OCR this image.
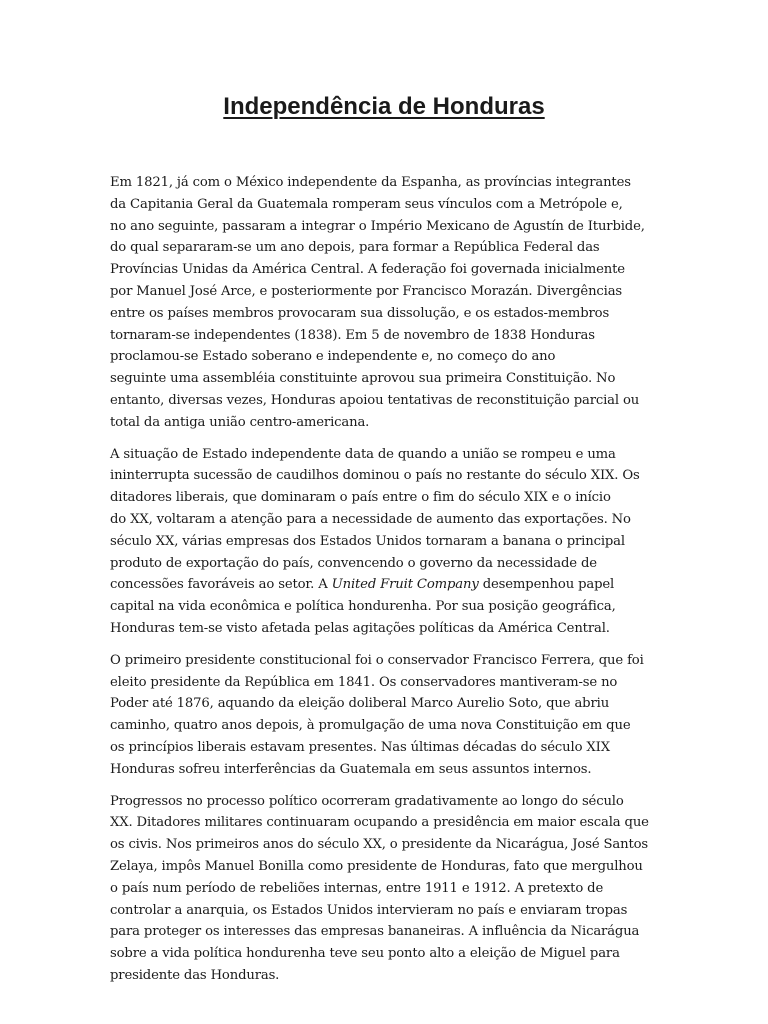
Independência de Honduras

Em 1821, já com o México independente da Espanha, as províncias integrantes
da Capitania Geral da Guatemala romperam seus vínculos com a Metrópole e,
no ano seguinte, passaram a integrar o Império Mexicano de Agustín de Iturbide,
do qual separaram-se um ano depois, para formar a República Federal das
Províncias Unidas da América Central. A federação foi governada inicialmente
por Manuel José Arce, e posteriormente por Francisco Morazán. Divergências
entre os países membros provocaram sua dissolução, e os estados-membros
tornaram-se independentes (1838). Em 5 de novembro de 1838 Honduras
proclamou-se Estado soberano e independente e, no começo do ano
seguinte uma assembléia constituinte aprovou sua primeira Constituição. No
entanto, diversas vezes, Honduras apoiou tentativas de reconstituição parcial ou
total da antiga união centro-americana.

A situação de Estado independente data de quando a união se rompeu e uma
ininterrupta sucessão de caudilhos dominou o país no restante do século XIX. Os
ditadores liberais, que dominaram o país entre o fim do século XIX e o início
do XX, voltaram a atenção para a necessidade de aumento das exportações. No
século XX, várias empresas dos Estados Unidos tornaram a banana o principal
produto de exportação do país, convencendo o governo da necessidade de
concessões favoráveis ao setor. A United Fruit Company desempenhou papel
capital na vida econômica e política hondurenha. Por sua posição geográfica,
Honduras tem-se visto afetada pelas agitações políticas da América Central.

O primeiro presidente constitucional foi o conservador Francisco Ferrera, que foi
eleito presidente da República em 1841. Os conservadores mantiveram-se no
Poder até 1876, aquando da eleição doliberal Marco Aurelio Soto, que abriu
caminho, quatro anos depois, à promulgação de uma nova Constituição em que
os princípios liberais estavam presentes. Nas últimas décadas do século XIX
Honduras sofreu interferências da Guatemala em seus assuntos internos.

Progressos no processo político ocorreram gradativamente ao longo do século
XX. Ditadores militares continuaram ocupando a presidência em maior escala que
os civis. Nos primeiros anos do século XX, o presidente da Nicarágua, José Santos
Zelaya, impôs Manuel Bonilla como presidente de Honduras, fato que mergulhou
o país num período de rebeliões internas, entre 1911 e 1912. A pretexto de
controlar a anarquia, os Estados Unidos intervieram no país e enviaram tropas
para proteger os interesses das empresas bananeiras. A influência da Nicarágua
sobre a vida política hondurenha teve seu ponto alto a eleição de Miguel para
presidente das Honduras.
